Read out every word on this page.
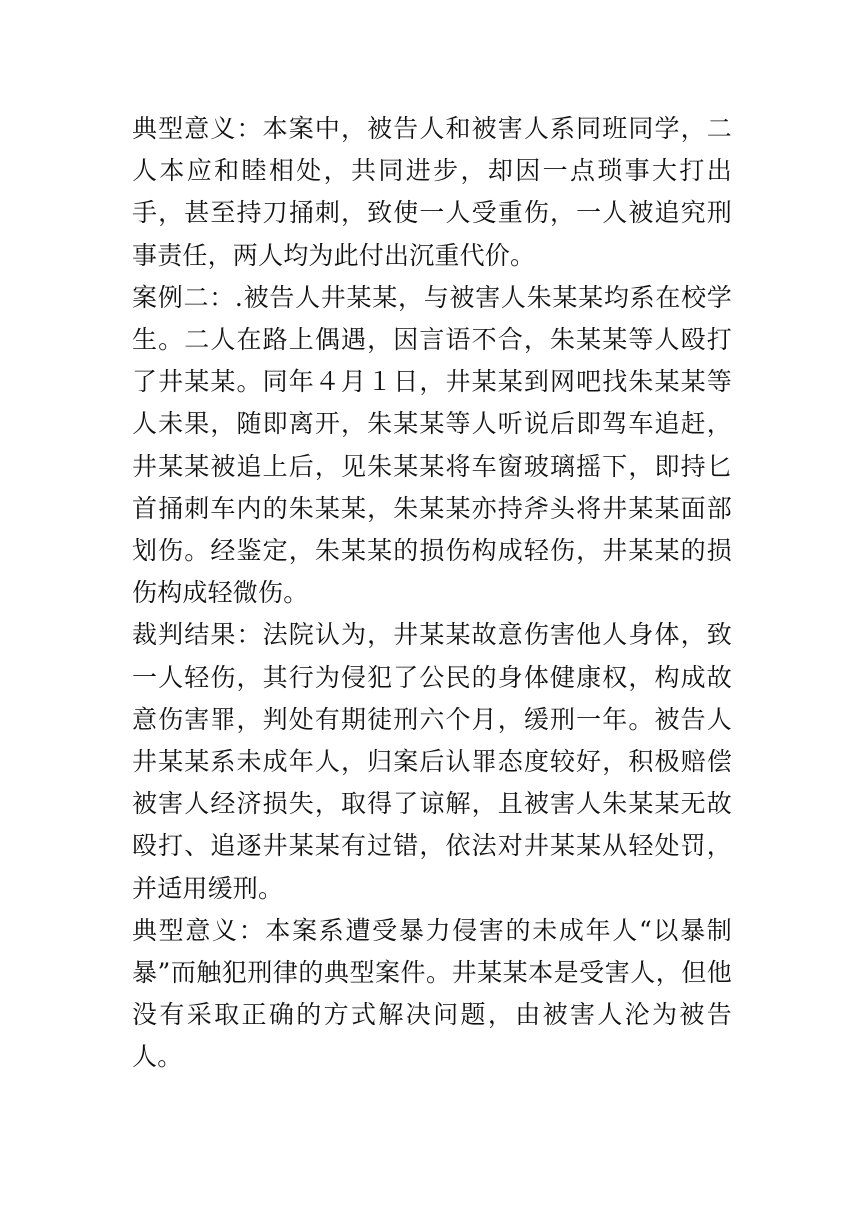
典型意义：本案中，被告人和被害人系同班同学，二人本应和睦相处，共同进步，却因一点琐事大打出手，甚至持刀捅刺，致使一人受重伤，一人被追究刑事责任，两人均为此付出沉重代价。

案例二：.被告人井某某，与被害人朱某某均系在校学生。二人在路上偶遇，因言语不合，朱某某等人殴打了井某某。同年４月１日，井某某到网吧找朱某某等人未果，随即离开，朱某某等人听说后即驾车追赶，井某某被追上后，见朱某某将车窗玻璃摇下，即持匕首捅刺车内的朱某某，朱某某亦持斧头将井某某面部划伤。经鉴定，朱某某的损伤构成轻伤，井某某的损伤构成轻微伤。

裁判结果：法院认为，井某某故意伤害他人身体，致一人轻伤，其行为侵犯了公民的身体健康权，构成故意伤害罪，判处有期徒刑六个月，缓刑一年。被告人井某某系未成年人，归案后认罪态度较好，积极赔偿被害人经济损失，取得了谅解，且被害人朱某某无故殴打、追逐井某某有过错，依法对井某某从轻处罚，并适用缓刑。

典型意义：本案系遭受暴力侵害的未成年人“以暴制暴”而触犯刑律的典型案件。井某某本是受害人，但他没有采取正确的方式解决问题，由被害人沦为被告人。
